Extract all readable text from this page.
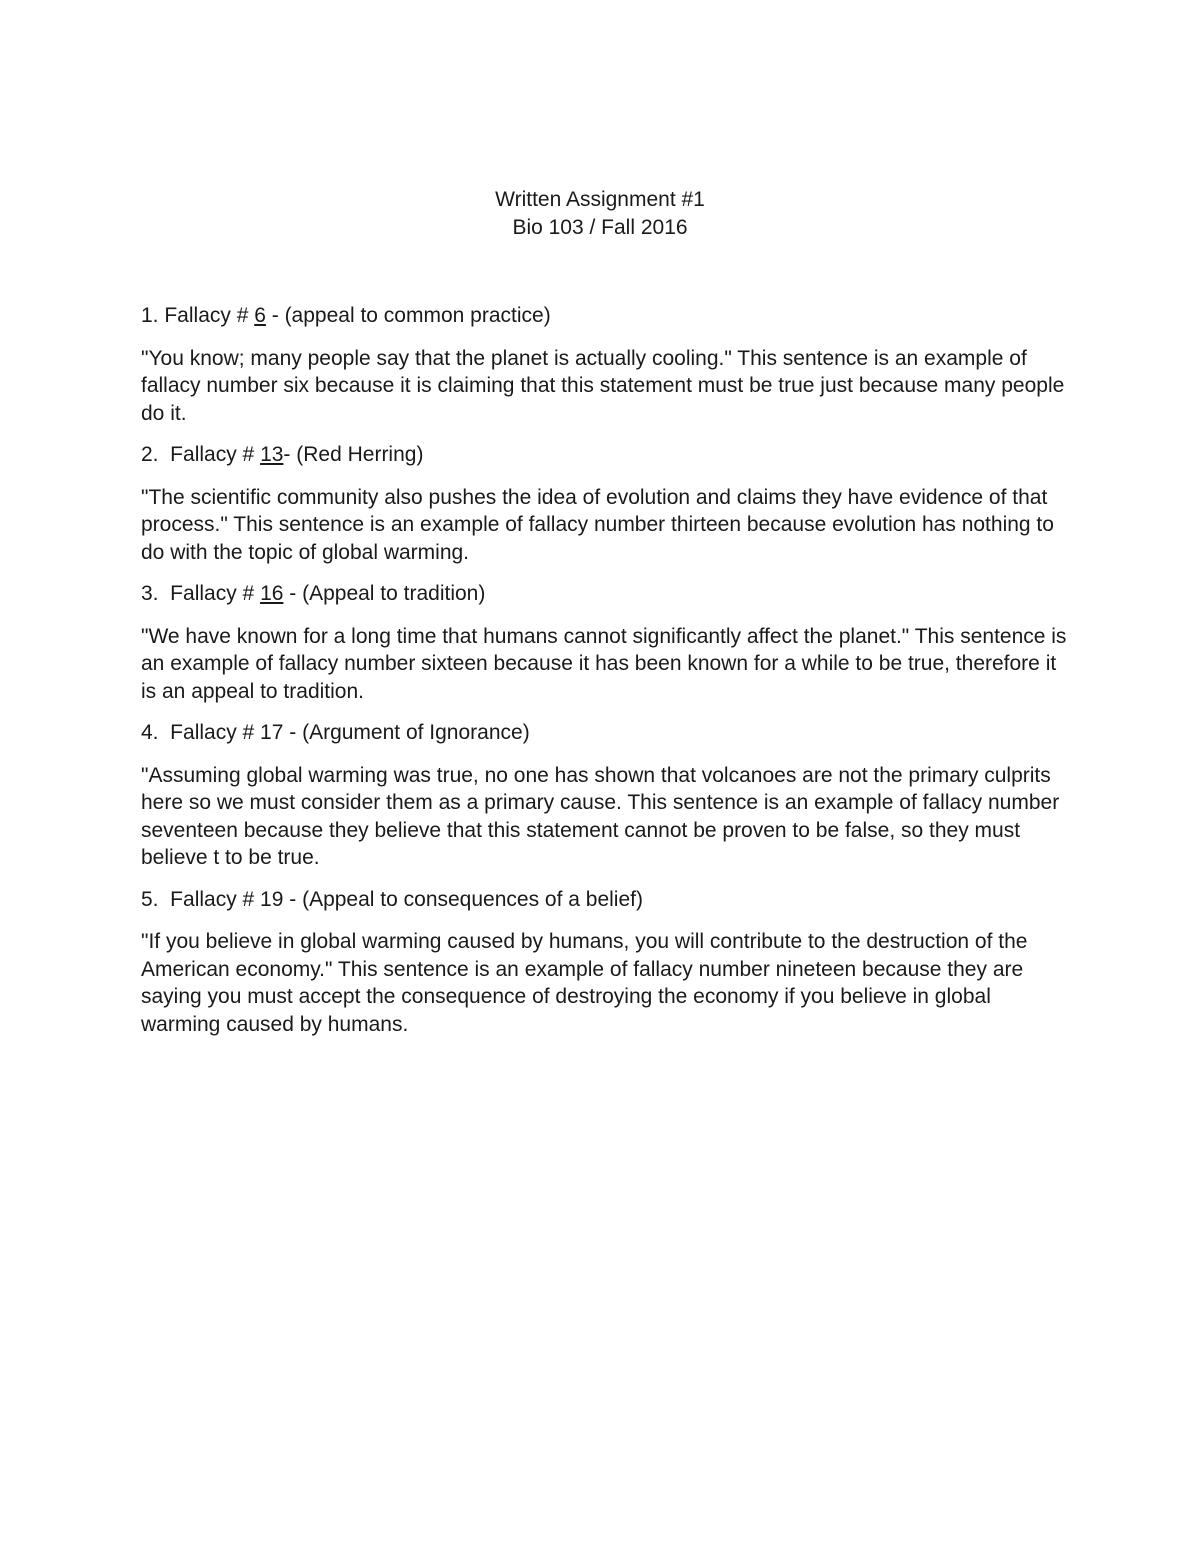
Written Assignment #1
Bio 103 / Fall 2016
1. Fallacy # 6 - (appeal to common practice)
"You know; many people say that the planet is actually cooling." This sentence is an example of fallacy number six because it is claiming that this statement must be true just because many people do it.
2.  Fallacy # 13- (Red Herring)
"The scientific community also pushes the idea of evolution and claims they have evidence of that process." This sentence is an example of fallacy number thirteen because evolution has nothing to do with the topic of global warming.
3.  Fallacy # 16 - (Appeal to tradition)
"We have known for a long time that humans cannot significantly affect the planet." This sentence is an example of fallacy number sixteen because it has been known for a while to be true, therefore it is an appeal to tradition.
4.  Fallacy # 17 - (Argument of Ignorance)
"Assuming global warming was true, no one has shown that volcanoes are not the primary culprits here so we must consider them as a primary cause. This sentence is an example of fallacy number seventeen because they believe that this statement cannot be proven to be false, so they must believe t to be true.
5.  Fallacy # 19 - (Appeal to consequences of a belief)
"If you believe in global warming caused by humans, you will contribute to the destruction of the American economy." This sentence is an example of fallacy number nineteen because they are saying you must accept the consequence of destroying the economy if you believe in global warming caused by humans.
